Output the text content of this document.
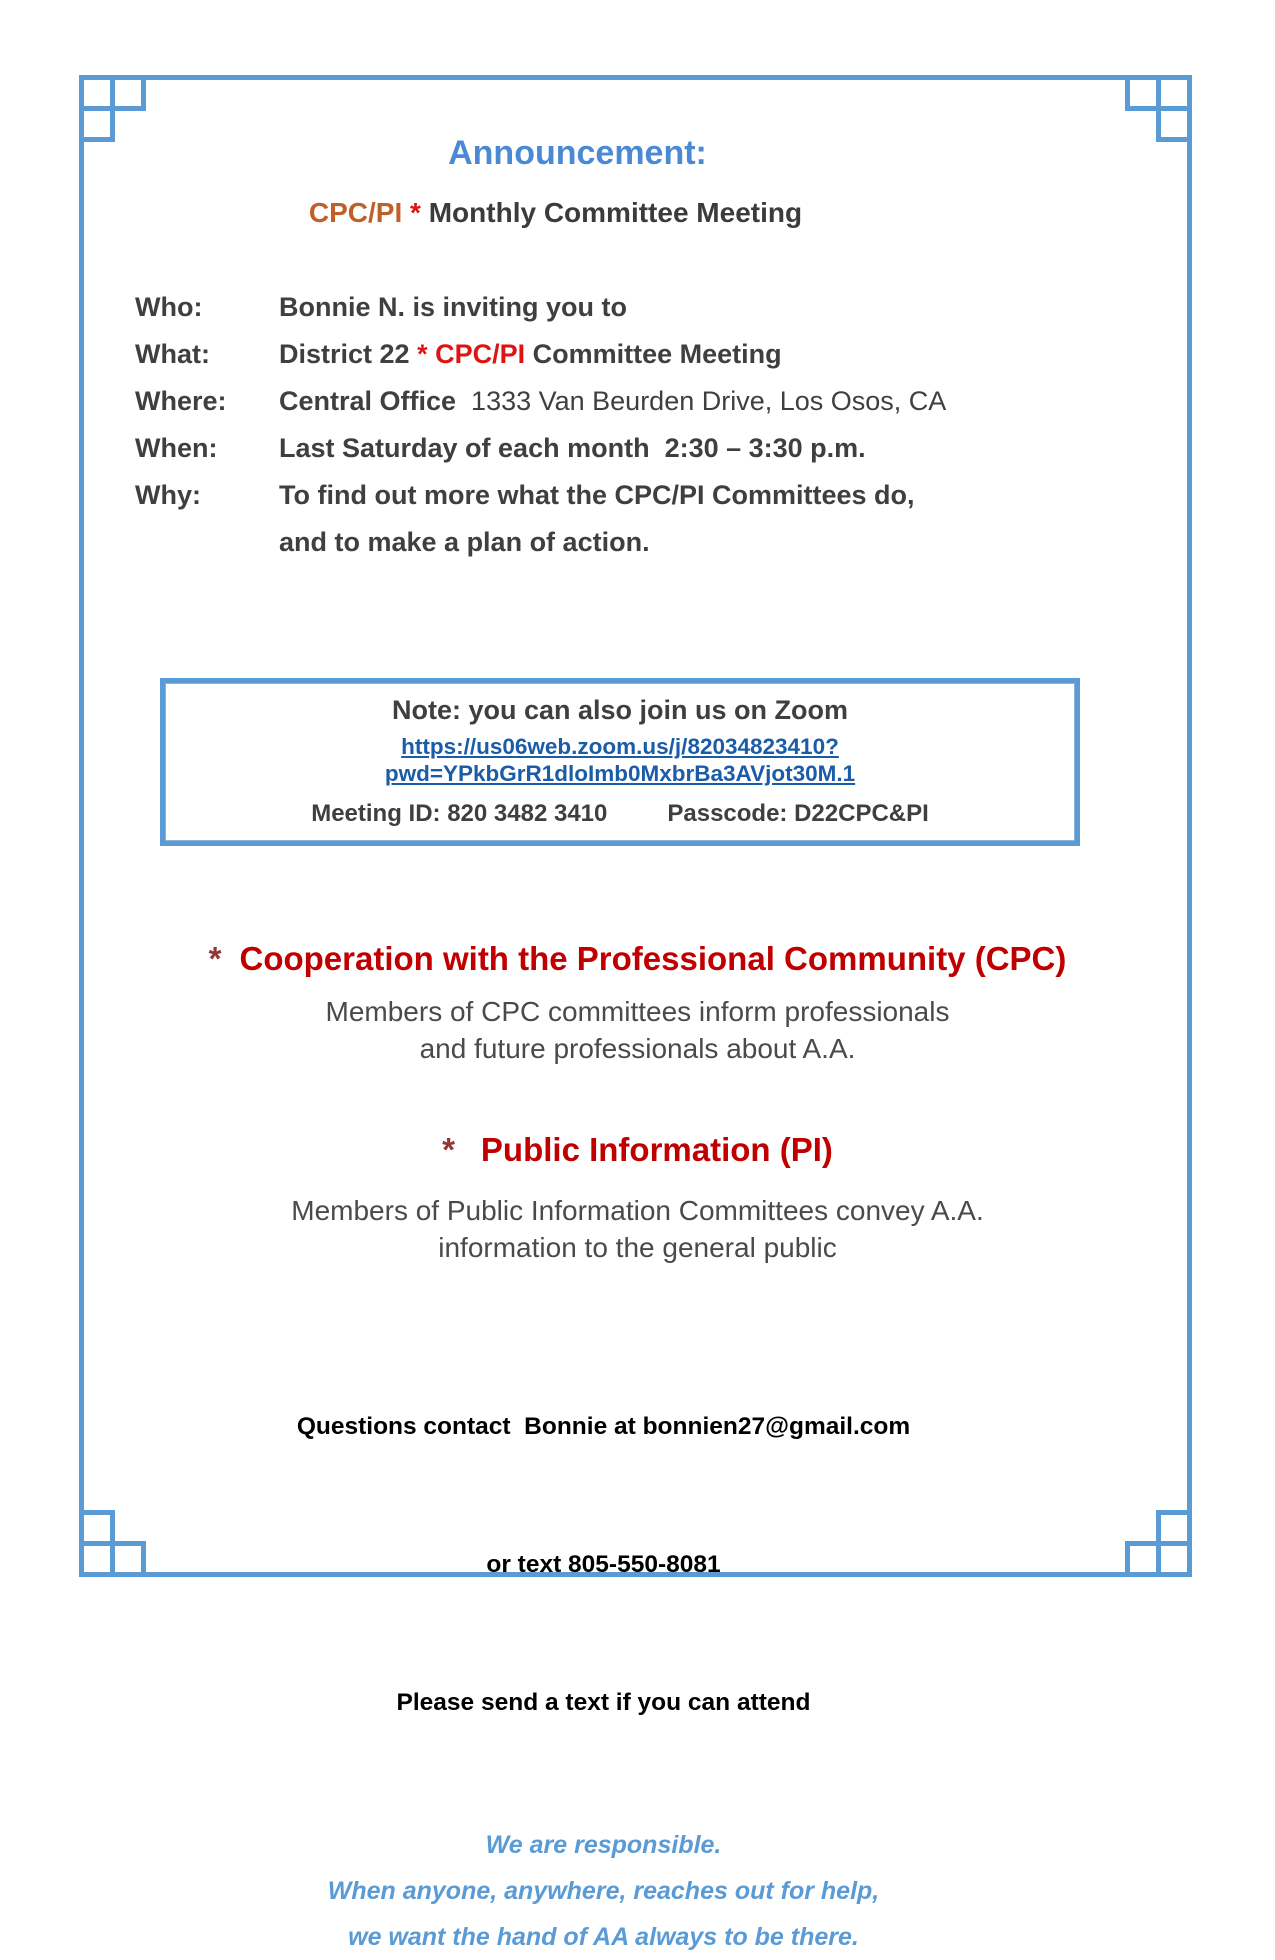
Announcement:
CPC/PI * Monthly Committee Meeting
Who:	Bonnie N. is inviting you to
What:	District 22 * CPC/PI Committee Meeting
Where:	Central Office  1333 Van Beurden Drive, Los Osos, CA
When:	Last Saturday of each month  2:30 – 3:30 p.m.
Why:	To find out more what the CPC/PI Committees do,
and to make a plan of action.
Note: you can also join us on Zoom
https://us06web.zoom.us/j/82034823410?pwd=YPkbGrR1dloImb0MxbrBa3AVjot30M.1
Meeting ID: 820 3482 3410	Passcode: D22CPC&PI
* Cooperation with the Professional Community (CPC)
Members of CPC committees inform professionals
and future professionals about A.A.
* Public Information (PI)
Members of Public Information Committees convey A.A.
information to the general public

Questions contact  Bonnie at bonnien27@gmail.com

or text 805-550-8081

Please send a text if you can attend

We are responsible.
When anyone, anywhere, reaches out for help,
we want the hand of AA always to be there.
